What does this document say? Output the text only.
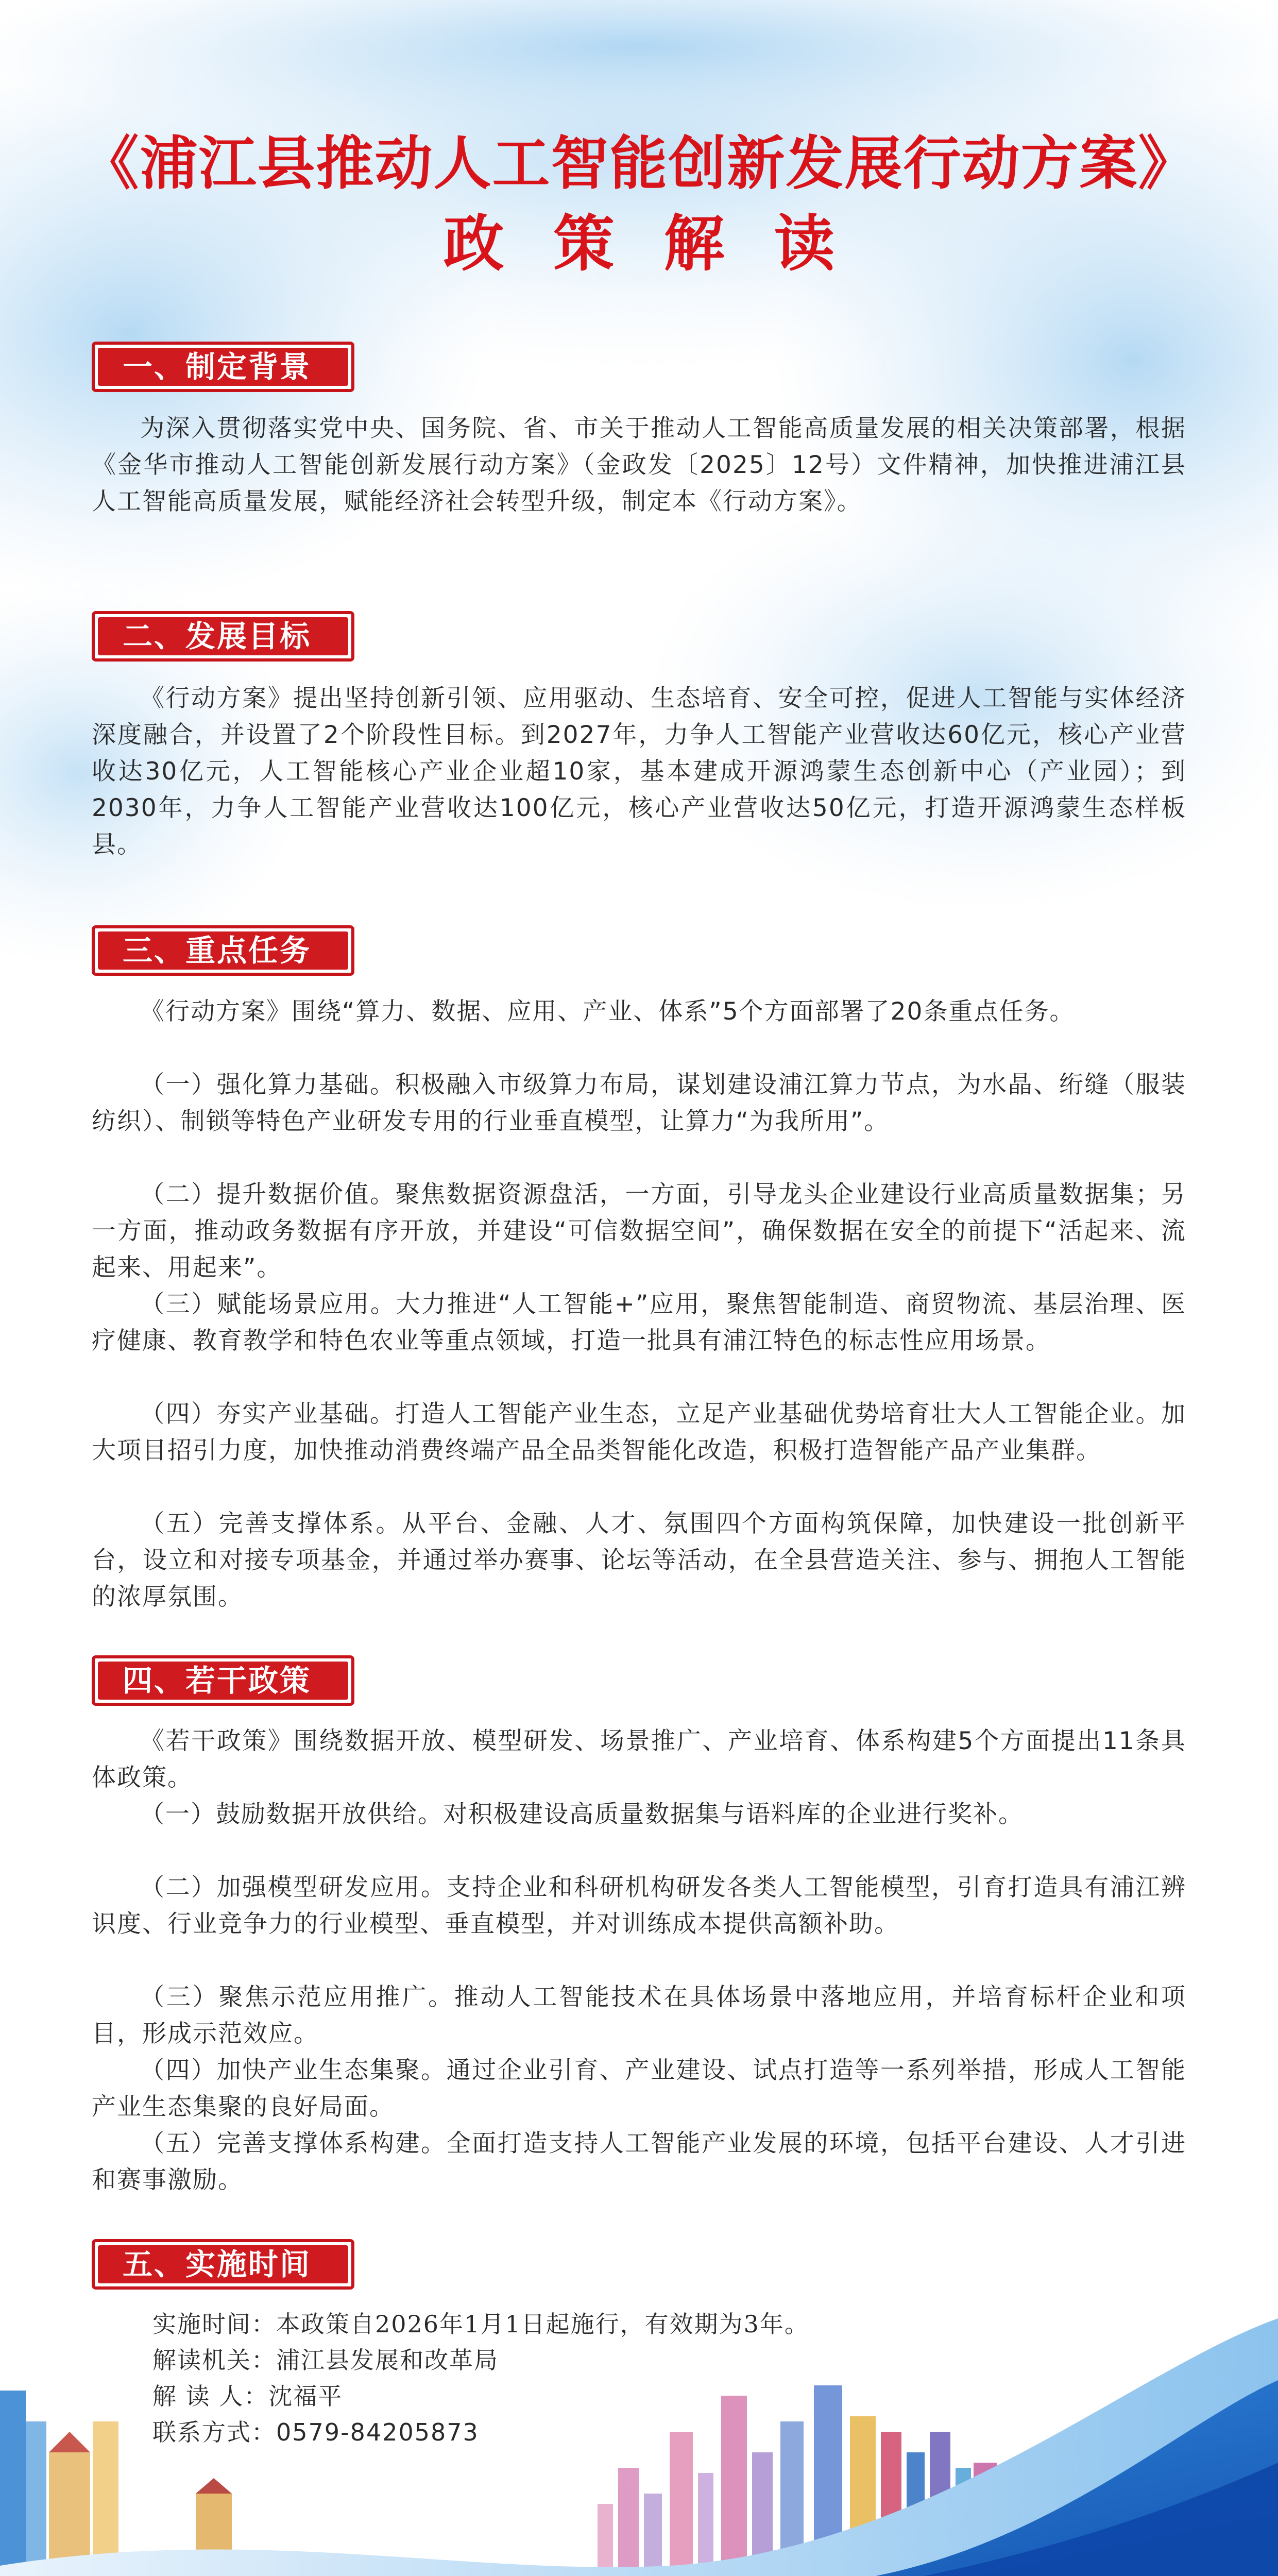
《浦江县推动人工智能创新发展行动方案》
政策解读
一、制定背景
为深入贯彻落实党中央、国务院、省、市关于推动人工智能高质量发展的相关决策部署，根据《金华市推动人工智能创新发展行动方案》（金政发〔2025〕12号）文件精神，加快推进浦江县人工智能高质量发展，赋能经济社会转型升级，制定本《行动方案》。
二、发展目标
《行动方案》提出坚持创新引领、应用驱动、生态培育、安全可控，促进人工智能与实体经济深度融合，并设置了2个阶段性目标。到2027年，力争人工智能产业营收达60亿元，核心产业营收达30亿元，人工智能核心产业企业超10家，基本建成开源鸿蒙生态创新中心（产业园）；到2030年，力争人工智能产业营收达100亿元，核心产业营收达50亿元，打造开源鸿蒙生态样板县。
三、重点任务
《行动方案》围绕“算力、数据、应用、产业、体系”5个方面部署了20条重点任务。
（一）强化算力基础。积极融入市级算力布局，谋划建设浦江算力节点，为水晶、绗缝（服装纺织）、制锁等特色产业研发专用的行业垂直模型，让算力“为我所用”。
（二）提升数据价值。聚焦数据资源盘活，一方面，引导龙头企业建设行业高质量数据集；另一方面，推动政务数据有序开放，并建设“可信数据空间”，确保数据在安全的前提下“活起来、流起来、用起来”。
（三）赋能场景应用。大力推进“人工智能+”应用，聚焦智能制造、商贸物流、基层治理、医疗健康、教育教学和特色农业等重点领域，打造一批具有浦江特色的标志性应用场景。
（四）夯实产业基础。打造人工智能产业生态，立足产业基础优势培育壮大人工智能企业。加大项目招引力度，加快推动消费终端产品全品类智能化改造，积极打造智能产品产业集群。
（五）完善支撑体系。从平台、金融、人才、氛围四个方面构筑保障，加快建设一批创新平台，设立和对接专项基金，并通过举办赛事、论坛等活动，在全县营造关注、参与、拥抱人工智能的浓厚氛围。
四、若干政策
《若干政策》围绕数据开放、模型研发、场景推广、产业培育、体系构建5个方面提出11条具体政策。
（一）鼓励数据开放供给。对积极建设高质量数据集与语料库的企业进行奖补。
（二）加强模型研发应用。支持企业和科研机构研发各类人工智能模型，引育打造具有浦江辨识度、行业竞争力的行业模型、垂直模型，并对训练成本提供高额补助。
（三）聚焦示范应用推广。推动人工智能技术在具体场景中落地应用，并培育标杆企业和项目，形成示范效应。
（四）加快产业生态集聚。通过企业引育、产业建设、试点打造等一系列举措，形成人工智能产业生态集聚的良好局面。
（五）完善支撑体系构建。全面打造支持人工智能产业发展的环境，包括平台建设、人才引进和赛事激励。
五、实施时间
实施时间：本政策自2026年1月1日起施行，有效期为3年。
解读机关：浦江县发展和改革局
解 读 人：沈福平
联系方式：0579-84205873
